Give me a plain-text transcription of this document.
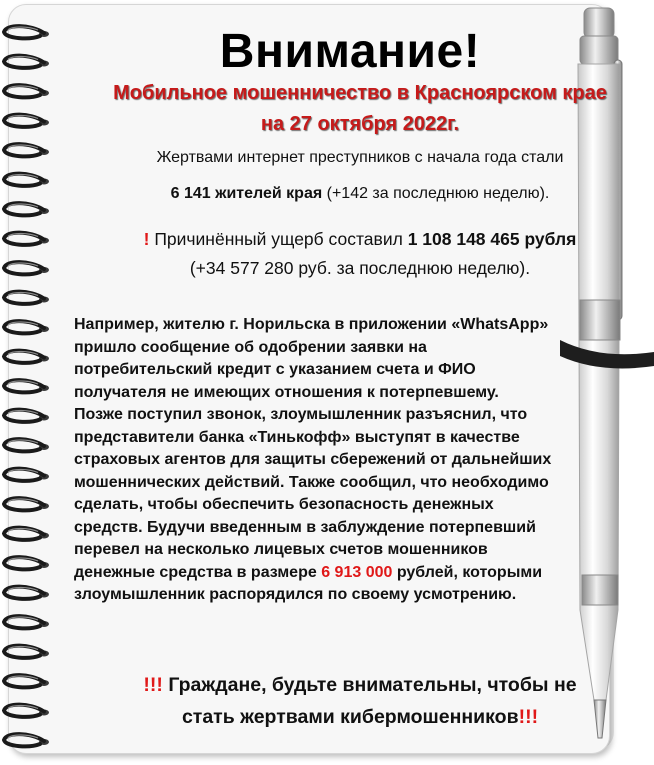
Внимание!
Мобильное мошенничество в Красноярском крае
на 27 октября 2022г.
Жертвами интернет преступников с начала года стали
6 141 жителей края (+142 за последнюю неделю).
! Причинённый ущерб составил 1 108 148 465 рубля
(+34 577 280 руб. за последнюю неделю).
Например, жителю г. Норильска в приложении «WhatsApp»
пришло сообщение об одобрении заявки на
потребительский кредит с указанием счета и ФИО
получателя не имеющих отношения к потерпевшему.
Позже поступил звонок, злоумышленник разъяснил, что
представители банка «Тинькофф» выступят в качестве
страховых агентов для защиты сбережений от дальнейших
мошеннических действий. Также сообщил, что необходимо
сделать, чтобы обеспечить безопасность денежных
средств. Будучи введенным в заблуждение потерпевший
перевел на несколько лицевых счетов мошенников
денежные средства в размере 6 913 000 рублей, которыми
злоумышленник распорядился по своему усмотрению.
!!! Граждане, будьте внимательны, чтобы не
стать жертвами кибермошенников!!!
